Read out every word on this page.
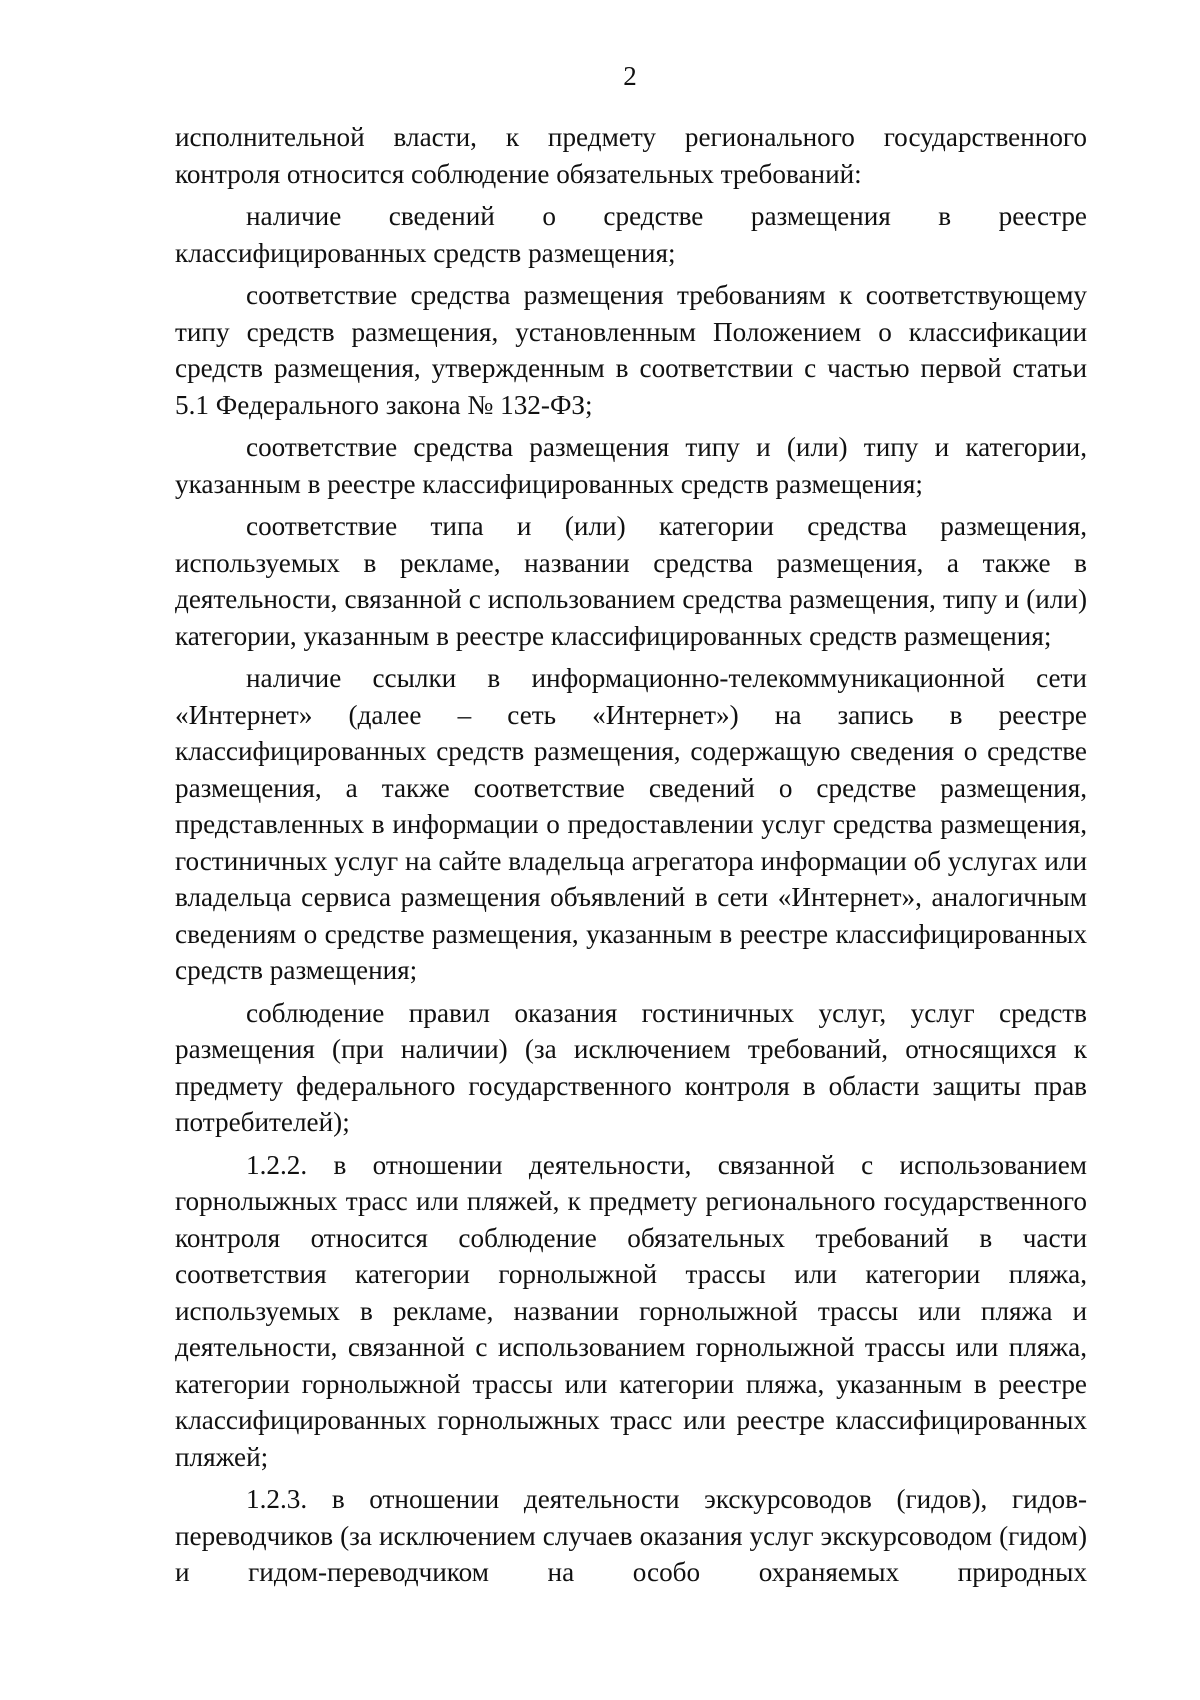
2

исполнительной власти, к предмету регионального государственного контроля относится соблюдение обязательных требований:

наличие сведений о средстве размещения в реестре классифицированных средств размещения;

соответствие средства размещения требованиям к соответствующему типу средств размещения, установленным Положением о классификации средств размещения, утвержденным в соответствии с частью первой статьи 5.1 Федерального закона № 132-ФЗ;

соответствие средства размещения типу и (или) типу и категории, указанным в реестре классифицированных средств размещения;

соответствие типа и (или) категории средства размещения, используемых в рекламе, названии средства размещения, а также в деятельности, связанной с использованием средства размещения, типу и (или) категории, указанным в реестре классифицированных средств размещения;

наличие ссылки в информационно-телекоммуникационной сети «Интернет» (далее – сеть «Интернет») на запись в реестре классифицированных средств размещения, содержащую сведения о средстве размещения, а также соответствие сведений о средстве размещения, представленных в информации о предоставлении услуг средства размещения, гостиничных услуг на сайте владельца агрегатора информации об услугах или владельца сервиса размещения объявлений в сети «Интернет», аналогичным сведениям о средстве размещения, указанным в реестре классифицированных средств размещения;

соблюдение правил оказания гостиничных услуг, услуг средств размещения (при наличии) (за исключением требований, относящихся к предмету федерального государственного контроля в области защиты прав потребителей);

1.2.2. в отношении деятельности, связанной с использованием горнолыжных трасс или пляжей, к предмету регионального государственного контроля относится соблюдение обязательных требований в части соответствия категории горнолыжной трассы или категории пляжа, используемых в рекламе, названии горнолыжной трассы или пляжа и деятельности, связанной с использованием горнолыжной трассы или пляжа, категории горнолыжной трассы или категории пляжа, указанным в реестре классифицированных горнолыжных трасс или реестре классифицированных пляжей;

1.2.3. в отношении деятельности экскурсоводов (гидов), гидов-переводчиков (за исключением случаев оказания услуг экскурсоводом (гидом) и гидом-переводчиком на особо охраняемых природных
